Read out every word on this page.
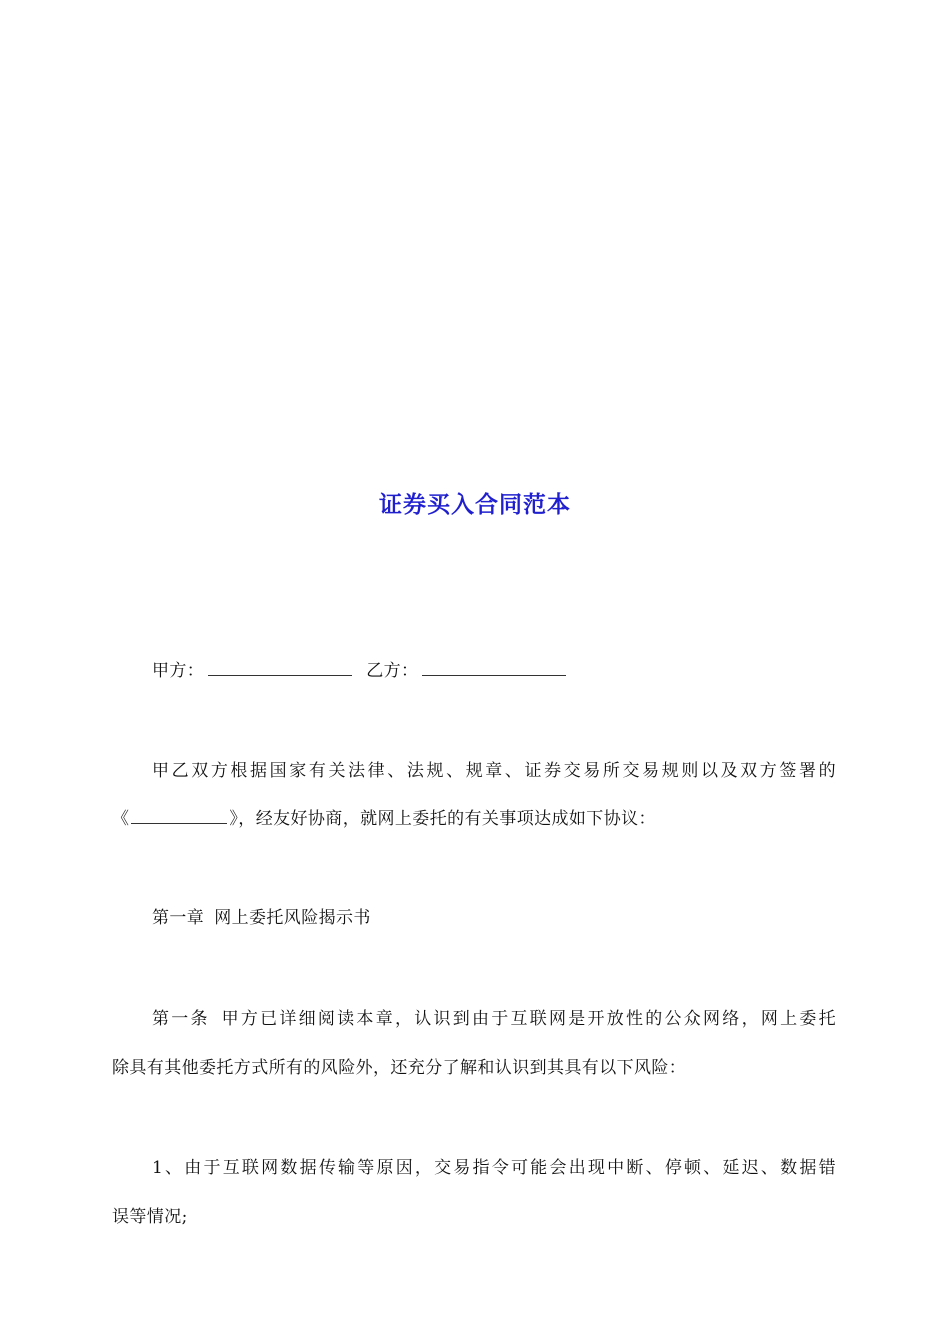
证券买入合同范本
甲方：	乙方：
甲乙双方根据国家有关法律、法规、规章、证券交易所交易规则以及双方签署的
《	》，经友好协商，就网上委托的有关事项达成如下协议：
第一章 网上委托风险揭示书
第一条 甲方已详细阅读本章，认识到由于互联网是开放性的公众网络，网上委托
除具有其他委托方式所有的风险外，还充分了解和认识到其具有以下风险：
1、由于互联网数据传输等原因，交易指令可能会出现中断、停顿、延迟、数据错
误等情况;
